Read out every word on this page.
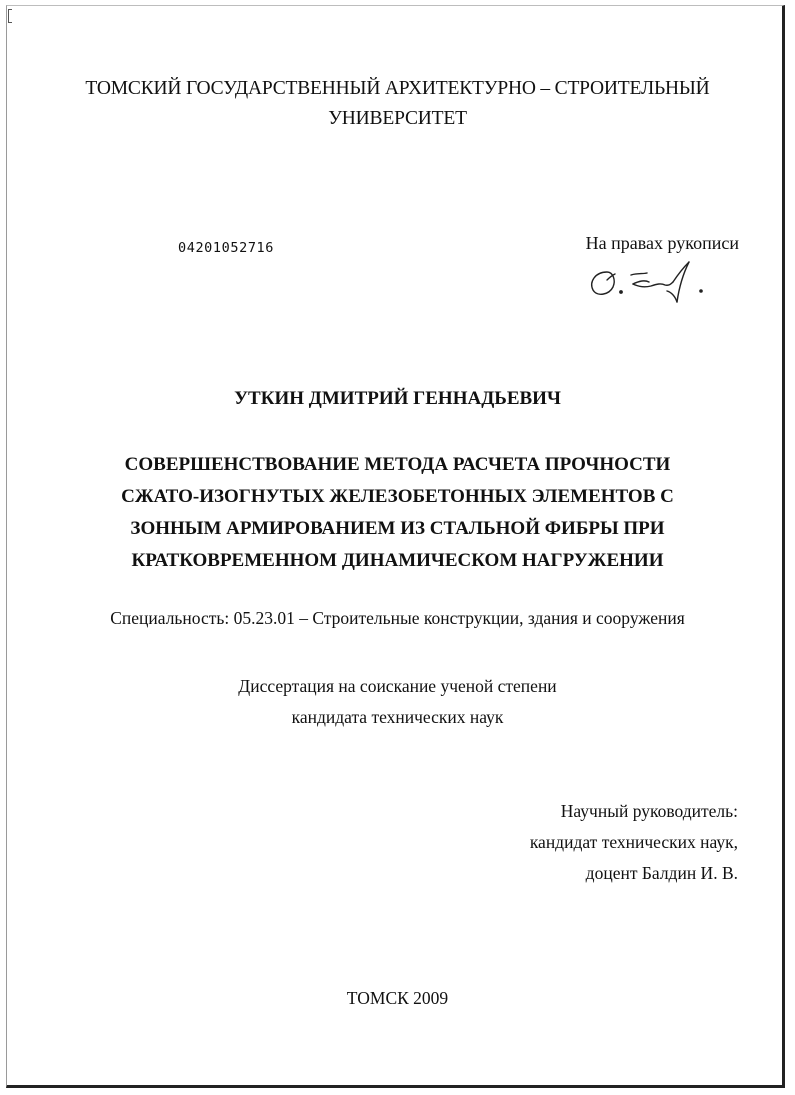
ТОМСКИЙ ГОСУДАРСТВЕННЫЙ АРХИТЕКТУРНО – СТРОИТЕЛЬНЫЙ
УНИВЕРСИТЕТ
04201052716	На правах рукописи
УТКИН ДМИТРИЙ ГЕННАДЬЕВИЧ
СОВЕРШЕНСТВОВАНИЕ МЕТОДА РАСЧЕТА ПРОЧНОСТИ
СЖАТО-ИЗОГНУТЫХ ЖЕЛЕЗОБЕТОННЫХ ЭЛЕМЕНТОВ С
ЗОННЫМ АРМИРОВАНИЕМ ИЗ СТАЛЬНОЙ ФИБРЫ ПРИ
КРАТКОВРЕМЕННОМ ДИНАМИЧЕСКОМ НАГРУЖЕНИИ
Специальность: 05.23.01 – Строительные конструкции, здания и сооружения
Диссертация на соискание ученой степени
кандидата технических наук
Научный руководитель:
кандидат технических наук,
доцент Балдин И. В.
ТОМСК 2009
